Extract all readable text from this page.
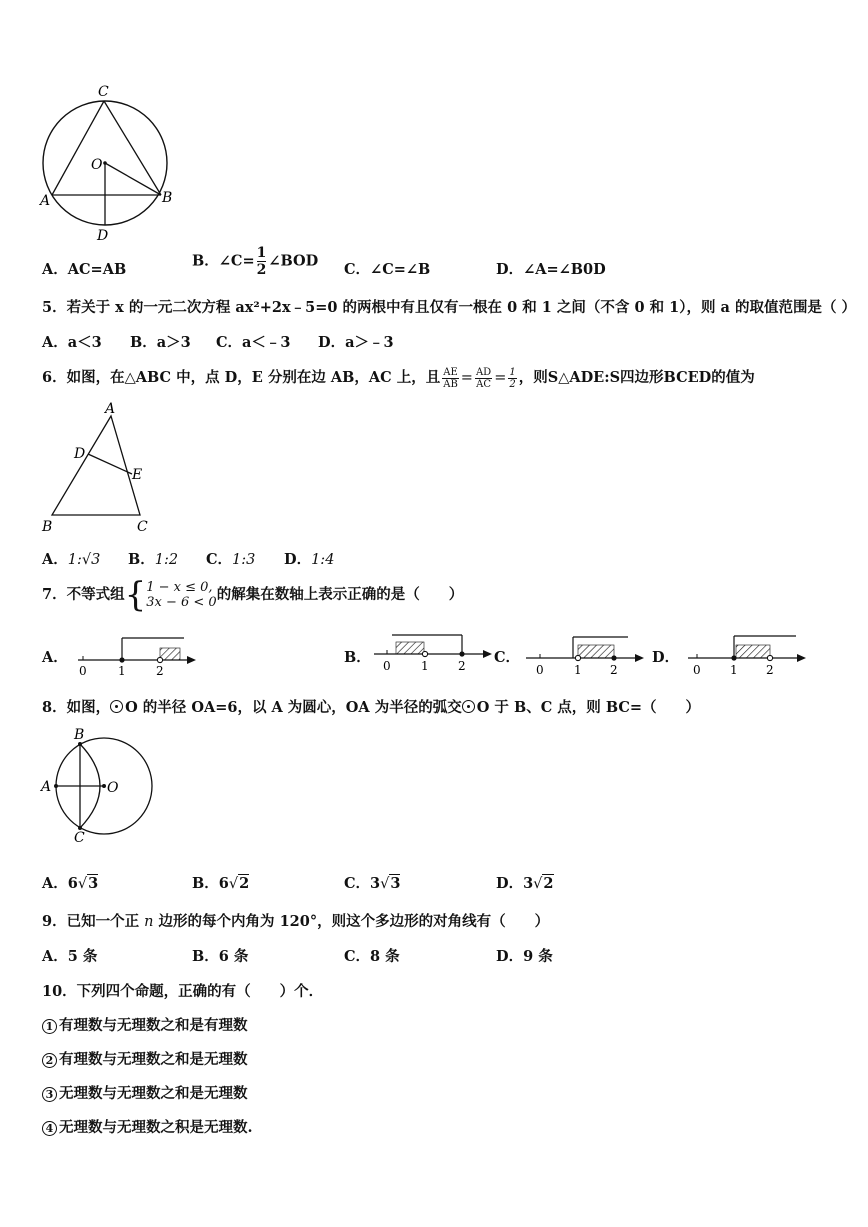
C
O
A	B
D
A．AC=AB	B．∠C= $\frac{1}{2}$ ∠BOD C．∠C=∠B	D．∠A=∠B0D
5．若关于 x 的一元二次方程 ax²+2x﹣5=0 的两根中有且仅有一根在 0 和 1 之间（不含 0 和 1），则 a 的取值范围是（ ）
A．a＜3 B．a＞3 C．a＜﹣3 D．a＞﹣3
6．如图，在△ABC 中，点 D，E 分别在边 AB，AC 上，且 $\frac{AE}{AB} = \frac{AD}{AC} = \frac{1}{2}$ ，则S△ADE:S四边形BCED的值为
A
D
E
B	C
A．1:√3 B．1:2 C．1:3 D．1:4
7．不等式组{ 1 − x ≤ 0,
3x − 6 < 0 的解集在数轴上表示正确的是（　　）
0	1	2	0	1 2	0	1 2	0 1 2
A．	B．	C．	D．
8．如图， O 的半径 OA=6，以 A 为圆心，OA 为半径的弧交 O 于 B、C 点，则 BC=（　　）
B
A	O
C
A．6√3	B．6√2	C．3√3	D．3√2
9．已知一个正 n 边形的每个内角为 120°，则这个多边形的对角线有（　　）
A．5 条	B．6 条	C．8 条	D．9 条
10．下列四个命题，正确的有（　　）个．
1 有理数与无理数之和是有理数
2 有理数与无理数之和是无理数
3 无理数与无理数之和是无理数
4 无理数与无理数之积是无理数.
